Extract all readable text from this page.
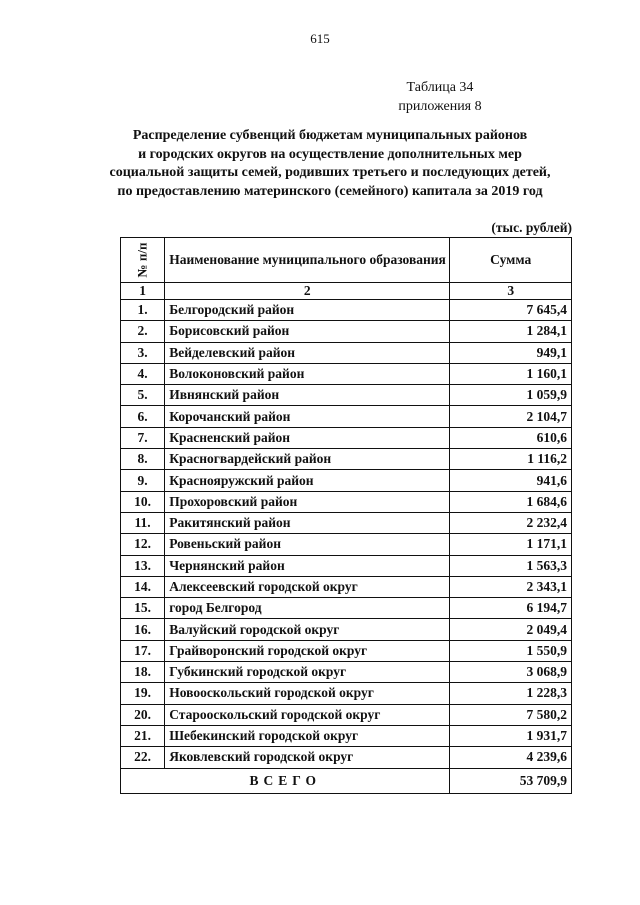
615
Таблица 34
приложения 8
Распределение субвенций бюджетам муниципальных районов
и городских округов на осуществление дополнительных мер
социальной защиты семей, родивших третьего и последующих детей,
по предоставлению материнского (семейного) капитала за 2019 год
(тыс. рублей)
№ п/п	Наименование муниципального образования	Сумма
1	2	3
1.	Белгородский район	7 645,4
2.	Борисовский район	1 284,1
3.	Вейделевский район	949,1
4.	Волоконовский район	1 160,1
5.	Ивнянский район	1 059,9
6.	Корочанский район	2 104,7
7.	Красненский район	610,6
8.	Красногвардейский район	1 116,2
9.	Краснояружский район	941,6
10.	Прохоровский район	1 684,6
11.	Ракитянский район	2 232,4
12.	Ровеньский район	1 171,1
13.	Чернянский район	1 563,3
14.	Алексеевский городской округ	2 343,1
15.	город Белгород	6 194,7
16.	Валуйский городской округ	2 049,4
17.	Грайворонский городской округ	1 550,9
18.	Губкинский городской округ	3 068,9
19.	Новооскольский городской округ	1 228,3
20.	Старооскольский городской округ	7 580,2
21.	Шебекинский городской округ	1 931,7
22.	Яковлевский городской округ	4 239,6
ВСЕГО		53 709,9
